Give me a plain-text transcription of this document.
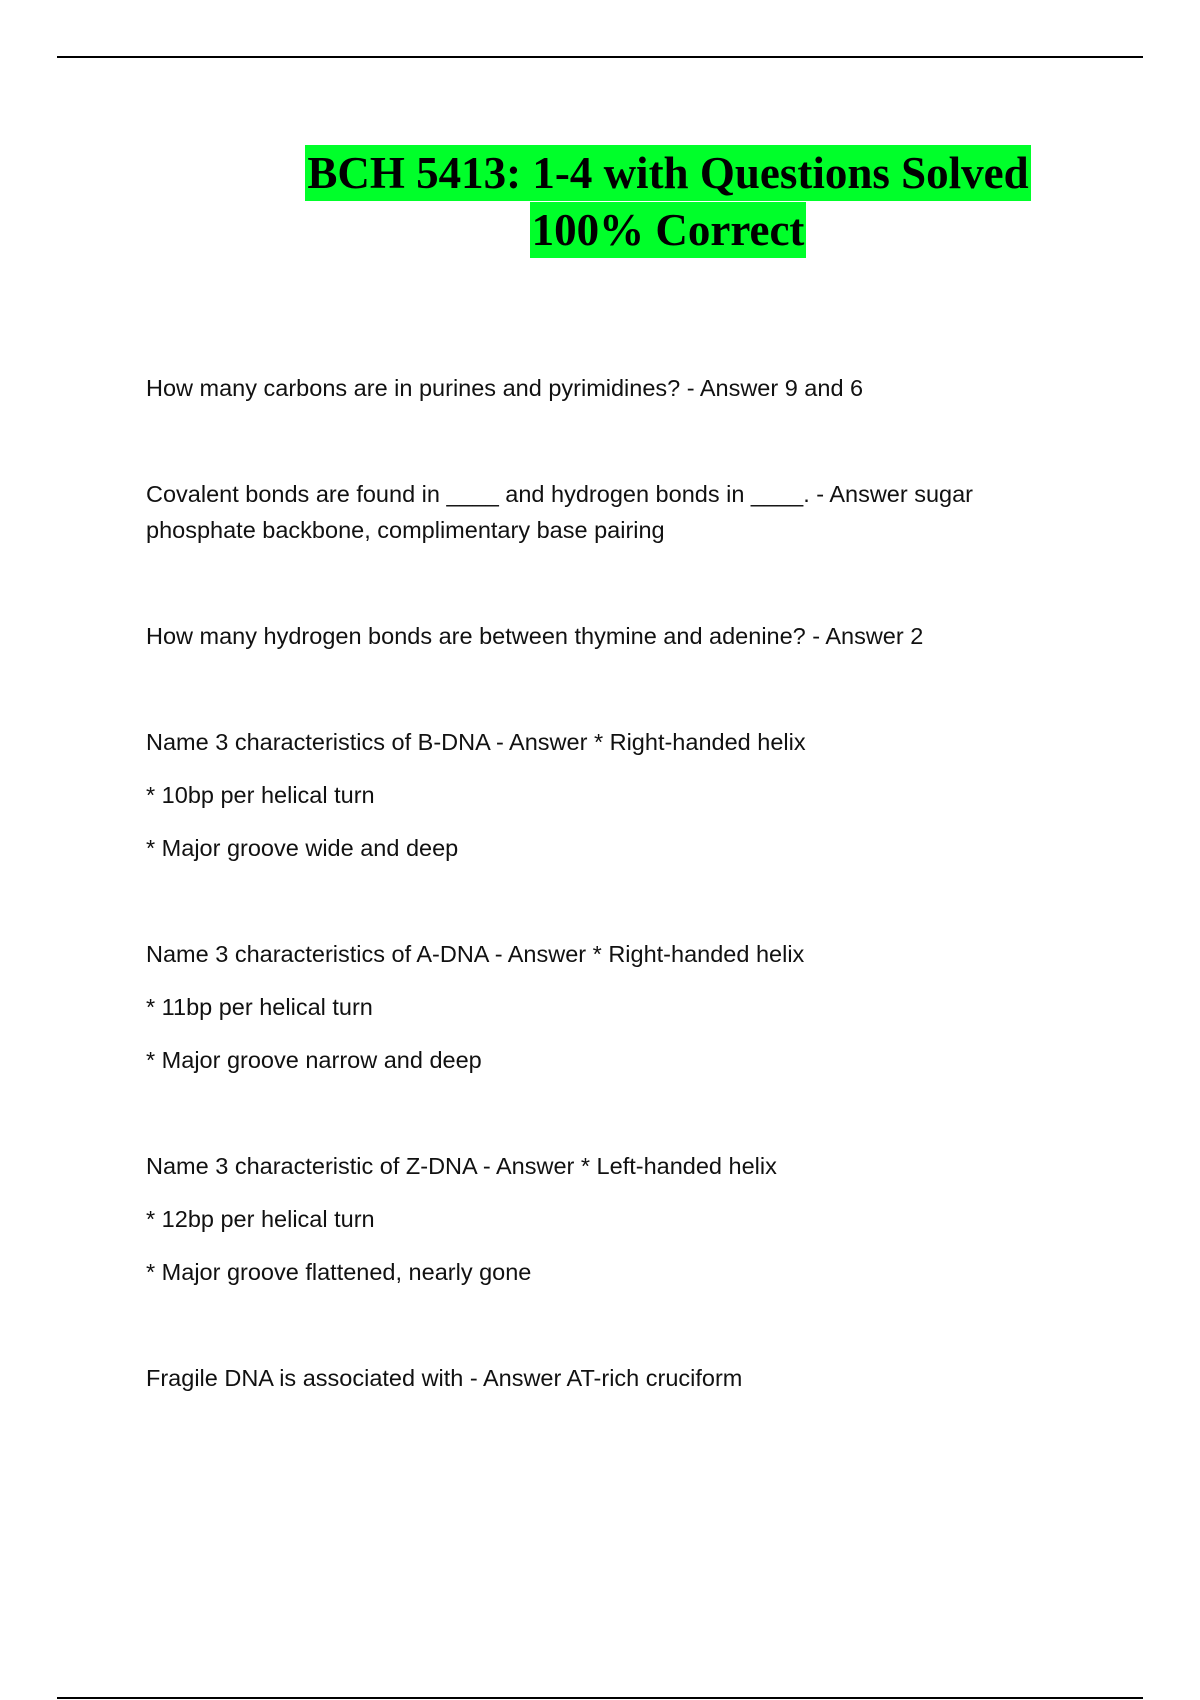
BCH 5413: 1-4 with Questions Solved
100% Correct

How many carbons are in purines and pyrimidines? - Answer 9 and 6

Covalent bonds are found in ____ and hydrogen bonds in ____. - Answer sugar

phosphate backbone, complimentary base pairing

How many hydrogen bonds are between thymine and adenine? - Answer 2

Name 3 characteristics of B-DNA - Answer * Right-handed helix

* 10bp per helical turn

* Major groove wide and deep

Name 3 characteristics of A-DNA - Answer * Right-handed helix

* 11bp per helical turn

* Major groove narrow and deep

Name 3 characteristic of Z-DNA - Answer * Left-handed helix

* 12bp per helical turn

* Major groove flattened, nearly gone

Fragile DNA is associated with - Answer AT-rich cruciform
